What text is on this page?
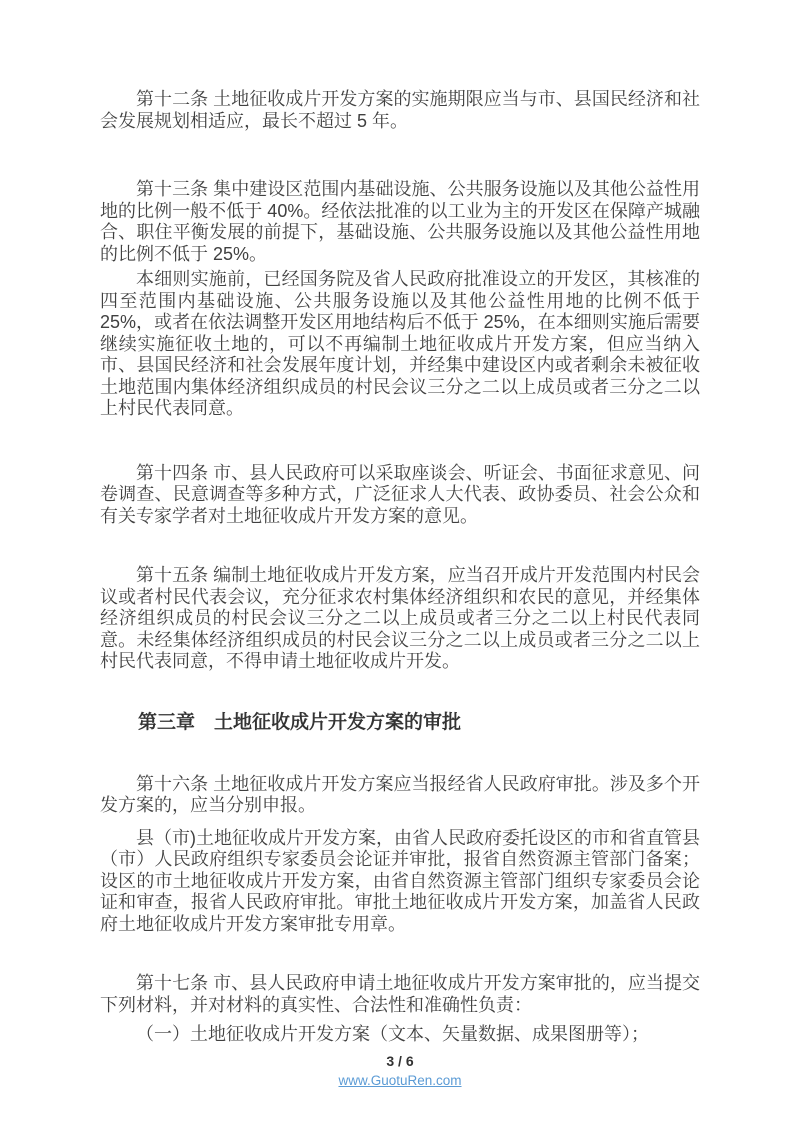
第十二条 土地征收成片开发方案的实施期限应当与市、县国民经济和社会发展规划相适应，最长不超过 5 年。

第十三条 集中建设区范围内基础设施、公共服务设施以及其他公益性用地的比例一般不低于 40%。经依法批准的以工业为主的开发区在保障产城融合、职住平衡发展的前提下，基础设施、公共服务设施以及其他公益性用地的比例不低于 25%。

本细则实施前，已经国务院及省人民政府批准设立的开发区，其核准的四至范围内基础设施、公共服务设施以及其他公益性用地的比例不低于 25%，或者在依法调整开发区用地结构后不低于 25%，在本细则实施后需要继续实施征收土地的，可以不再编制土地征收成片开发方案，但应当纳入市、县国民经济和社会发展年度计划，并经集中建设区内或者剩余未被征收土地范围内集体经济组织成员的村民会议三分之二以上成员或者三分之二以上村民代表同意。

第十四条 市、县人民政府可以采取座谈会、听证会、书面征求意见、问卷调查、民意调查等多种方式，广泛征求人大代表、政协委员、社会公众和有关专家学者对土地征收成片开发方案的意见。

第十五条 编制土地征收成片开发方案，应当召开成片开发范围内村民会议或者村民代表会议，充分征求农村集体经济组织和农民的意见，并经集体经济组织成员的村民会议三分之二以上成员或者三分之二以上村民代表同意。未经集体经济组织成员的村民会议三分之二以上成员或者三分之二以上村民代表同意，不得申请土地征收成片开发。

第三章　土地征收成片开发方案的审批

第十六条 土地征收成片开发方案应当报经省人民政府审批。涉及多个开发方案的，应当分别申报。

县（市)土地征收成片开发方案，由省人民政府委托设区的市和省直管县（市）人民政府组织专家委员会论证并审批，报省自然资源主管部门备案；设区的市土地征收成片开发方案，由省自然资源主管部门组织专家委员会论证和审查，报省人民政府审批。审批土地征收成片开发方案，加盖省人民政府土地征收成片开发方案审批专用章。

第十七条 市、县人民政府申请土地征收成片开发方案审批的，应当提交下列材料，并对材料的真实性、合法性和准确性负责：

（一）土地征收成片开发方案（文本、矢量数据、成果图册等）；

3 / 6
www.GuotuRen.com
